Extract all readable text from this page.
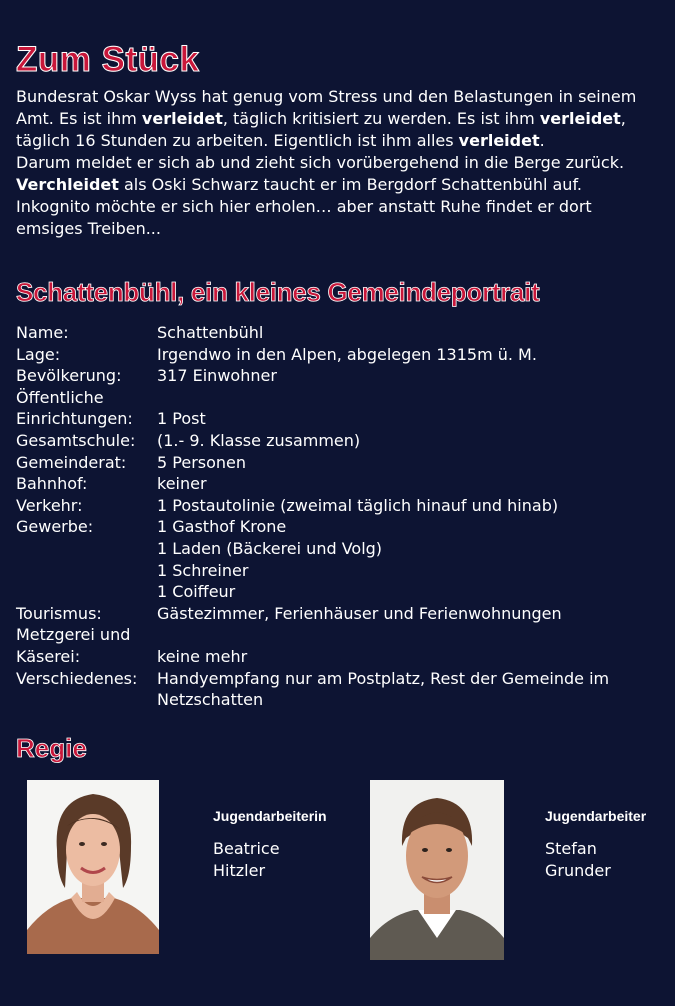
Zum Stück

Bundesrat Oskar Wyss hat genug vom Stress und den Belastungen in seinem Amt. Es ist ihm verleidet, täglich kritisiert zu werden. Es ist ihm verleidet, täglich 16 Stunden zu arbeiten. Eigentlich ist ihm alles verleidet.

Darum meldet er sich ab und zieht sich vorübergehend in die Berge zurück.

Verchleidet als Oski Schwarz taucht er im Bergdorf Schattenbühl auf.

Inkognito möchte er sich hier erholen… aber anstatt Ruhe findet er dort emsiges Treiben...

Schattenbühl, ein kleines Gemeindeportrait
Name:	Schattenbühl
Lage:	Irgendwo in den Alpen, abgelegen 1315m ü. M.
Bevölkerung:	317 Einwohner
Öffentliche
Einrichtungen:	1 Post
Gesamtschule:	(1.- 9. Klasse zusammen)
Gemeinderat:	5 Personen
Bahnhof:	keiner
Verkehr:	1 Postautolinie (zweimal täglich hinauf und hinab)
Gewerbe:	1 Gasthof Krone
1 Laden (Bäckerei und Volg)
1 Schreiner
1 Coiffeur
Tourismus:	Gästezimmer, Ferienhäuser und Ferienwohnungen
Metzgerei und
Käserei:	keine mehr
Verschiedenes:	Handyempfang nur am Postplatz, Rest der Gemeinde im Netzschatten
Regie
Jugendarbeiterin
Beatrice
Hitzler
Jugendarbeiter
Stefan
Grunder
